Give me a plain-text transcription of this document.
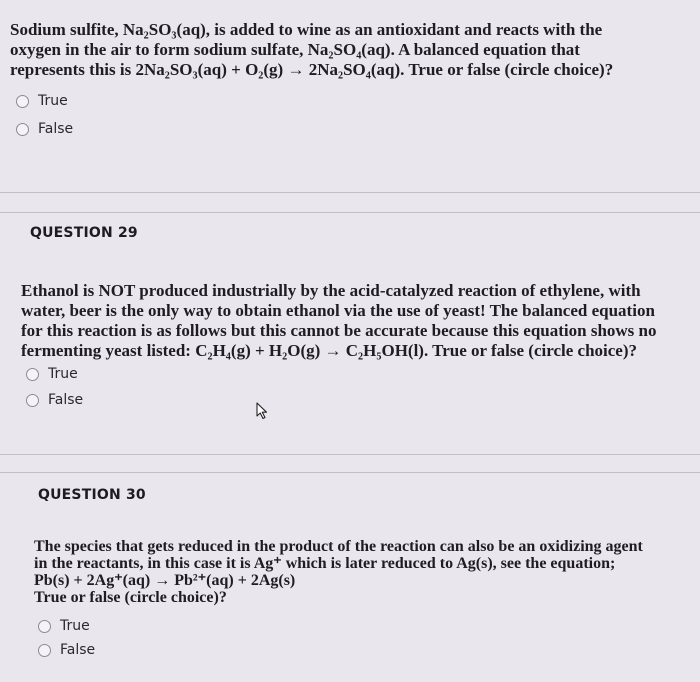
Sodium sulfite, Na₂SO₃(aq), is added to wine as an antioxidant and reacts with the
oxygen in the air to form sodium sulfate, Na₂SO₄(aq). A balanced equation that
represents this is 2Na₂SO₃(aq) + O₂(g) → 2Na₂SO₄(aq). True or false (circle choice)?
True
False
QUESTION 29
Ethanol is NOT produced industrially by the acid-catalyzed reaction of ethylene, with
water, beer is the only way to obtain ethanol via the use of yeast! The balanced equation
for this reaction is as follows but this cannot be accurate because this equation shows no
fermenting yeast listed: C₂H₄(g) + H₂O(g) → C₂H₅OH(l). True or false (circle choice)?
True
False
QUESTION 30
The species that gets reduced in the product of the reaction can also be an oxidizing agent
in the reactants, in this case it is Ag⁺ which is later reduced to Ag(s), see the equation;
Pb(s) + 2Ag⁺(aq) → Pb²⁺(aq) + 2Ag(s)
True or false (circle choice)?
True
False
